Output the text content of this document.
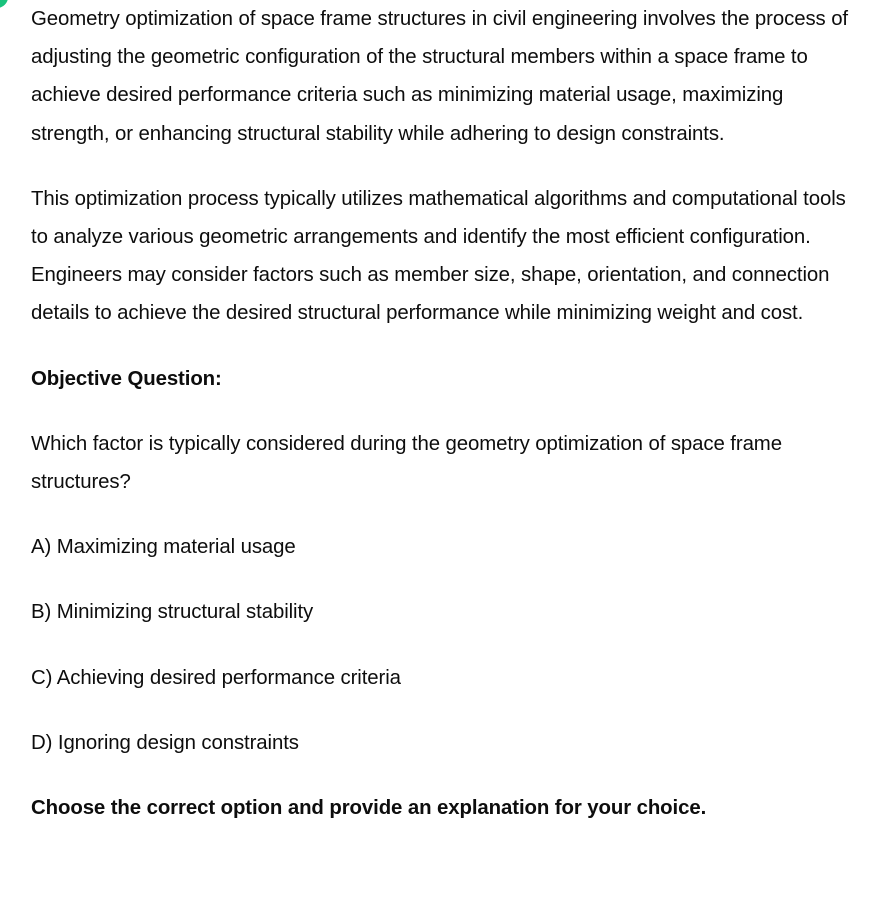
Geometry optimization of space frame structures in civil engineering involves the process of adjusting the geometric configuration of the structural members within a space frame to achieve desired performance criteria such as minimizing material usage, maximizing strength, or enhancing structural stability while adhering to design constraints.

This optimization process typically utilizes mathematical algorithms and computational tools to analyze various geometric arrangements and identify the most efficient configuration. Engineers may consider factors such as member size, shape, orientation, and connection details to achieve the desired structural performance while minimizing weight and cost.

Objective Question:

Which factor is typically considered during the geometry optimization of space frame structures?

A) Maximizing material usage

B) Minimizing structural stability

C) Achieving desired performance criteria

D) Ignoring design constraints

Choose the correct option and provide an explanation for your choice.
